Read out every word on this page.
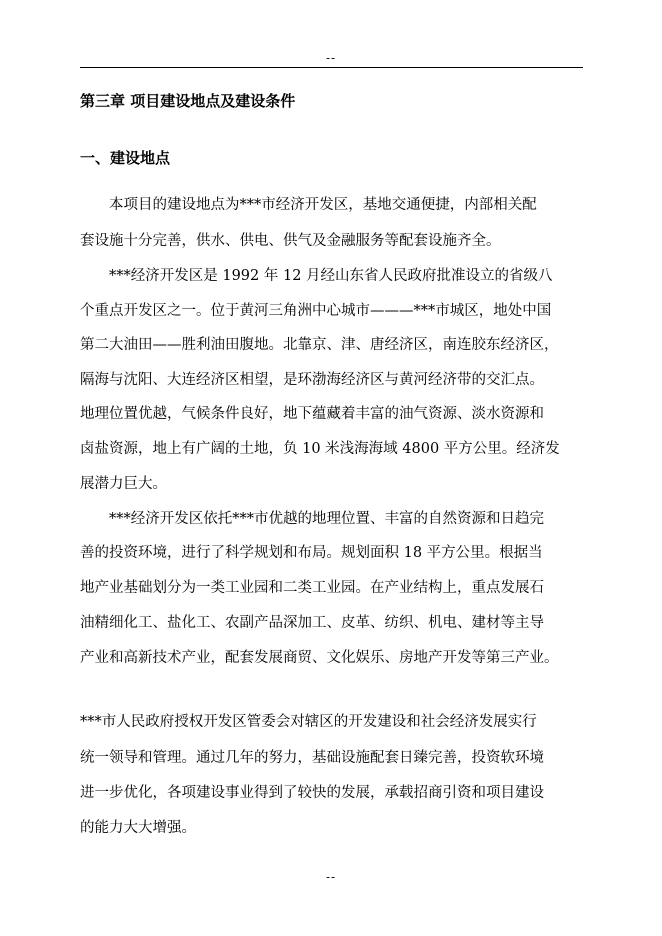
--
第三章 项目建设地点及建设条件
一、建设地点
本项目的建设地点为***市经济开发区，基地交通便捷，内部相关配
套设施十分完善，供水、供电、供气及金融服务等配套设施齐全。
***经济开发区是 1992 年 12 月经山东省人民政府批准设立的省级八
个重点开发区之一。位于黄河三角洲中心城市———***市城区，地处中国
第二大油田——胜利油田腹地。北靠京、津、唐经济区，南连胶东经济区，
隔海与沈阳、大连经济区相望，是环渤海经济区与黄河经济带的交汇点。
地理位置优越，气候条件良好，地下蕴藏着丰富的油气资源、淡水资源和
卤盐资源，地上有广阔的土地，负 10 米浅海海域 4800 平方公里。经济发
展潜力巨大。
***经济开发区依托***市优越的地理位置、丰富的自然资源和日趋完
善的投资环境，进行了科学规划和布局。规划面积 18 平方公里。根据当
地产业基础划分为一类工业园和二类工业园。在产业结构上，重点发展石
油精细化工、盐化工、农副产品深加工、皮革、纺织、机电、建材等主导
产业和高新技术产业，配套发展商贸、文化娱乐、房地产开发等第三产业。
***市人民政府授权开发区管委会对辖区的开发建设和社会经济发展实行
统一领导和管理。通过几年的努力，基础设施配套日臻完善，投资软环境
进一步优化，各项建设事业得到了较快的发展，承载招商引资和项目建设
的能力大大增强。
--
